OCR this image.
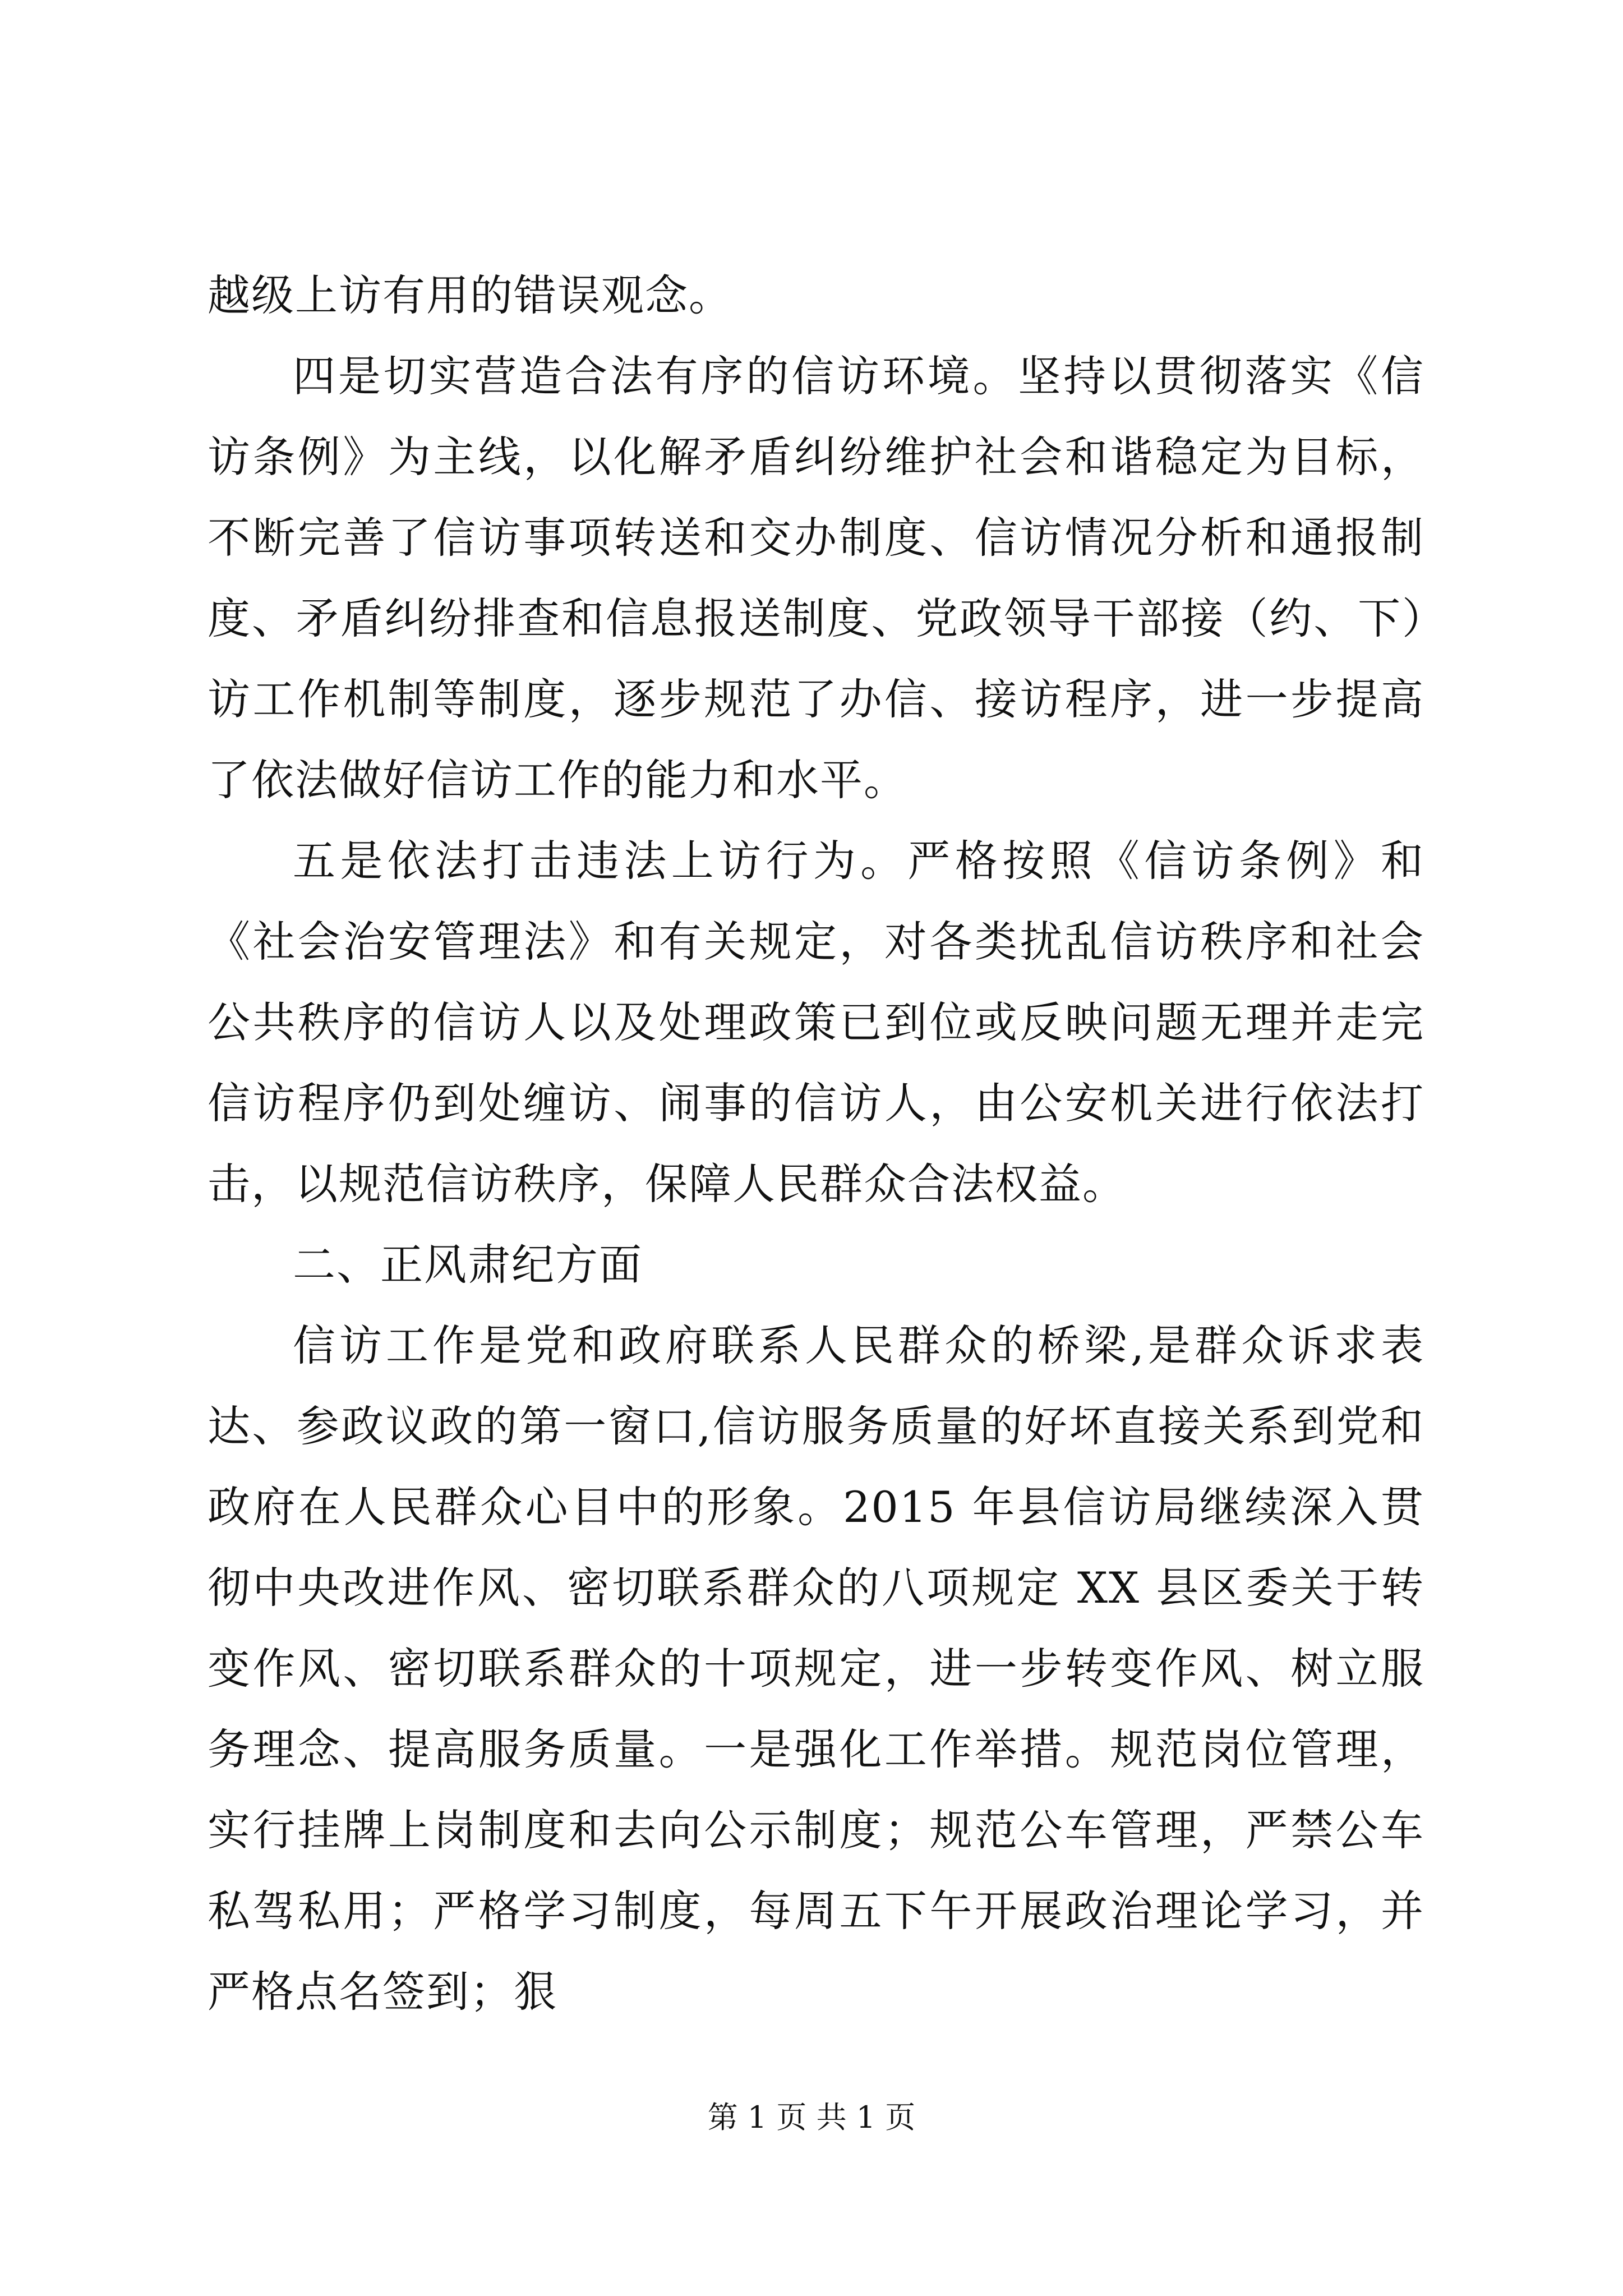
越级上访有用的错误观念。

四是切实营造合法有序的信访环境。坚持以贯彻落实《信访条例》为主线，以化解矛盾纠纷维护社会和谐稳定为目标，不断完善了信访事项转送和交办制度、信访情况分析和通报制度、矛盾纠纷排查和信息报送制度、党政领导干部接（约、下）访工作机制等制度，逐步规范了办信、接访程序，进一步提高了依法做好信访工作的能力和水平。

五是依法打击违法上访行为。严格按照《信访条例》和《社会治安管理法》和有关规定，对各类扰乱信访秩序和社会公共秩序的信访人以及处理政策已到位或反映问题无理并走完信访程序仍到处缠访、闹事的信访人，由公安机关进行依法打击，以规范信访秩序，保障人民群众合法权益。

二、正风肃纪方面

信访工作是党和政府联系人民群众的桥梁,是群众诉求表达、参政议政的第一窗口,信访服务质量的好坏直接关系到党和政府在人民群众心目中的形象。2015 年县信访局继续深入贯彻中央改进作风、密切联系群众的八项规定 XX 县区委关于转变作风、密切联系群众的十项规定，进一步转变作风、树立服务理念、提高服务质量。一是强化工作举措。规范岗位管理，实行挂牌上岗制度和去向公示制度；规范公车管理，严禁公车私驾私用；严格学习制度，每周五下午开展政治理论学习，并严格点名签到；狠

第 1 页 共 1 页
